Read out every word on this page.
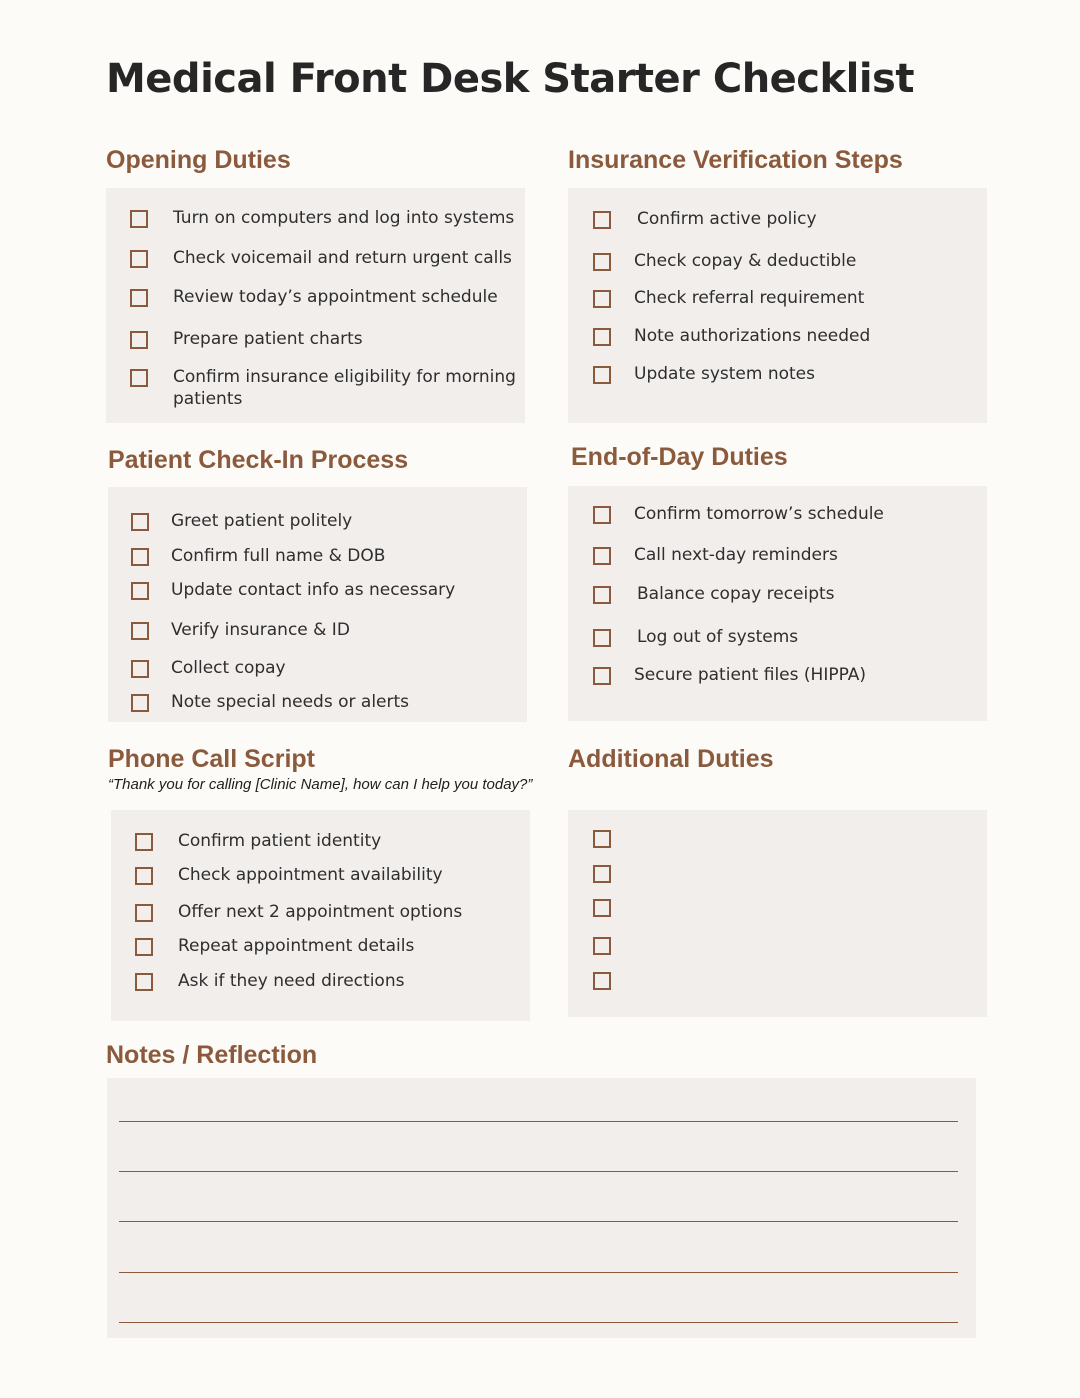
Medical Front Desk Starter Checklist
Opening Duties
Turn on computers and log into systems
Check voicemail and return urgent calls
Review today’s appointment schedule
Prepare patient charts
Confirm insurance eligibility for morning patients
Insurance Verification Steps
Confirm active policy
Check copay & deductible
Check referral requirement
Note authorizations needed
Update system notes
Patient Check-In Process
Greet patient politely
Confirm full name & DOB
Update contact info as necessary
Verify insurance & ID
Collect copay
Note special needs or alerts
End-of-Day Duties
Confirm tomorrow’s schedule
Call next-day reminders
Balance copay receipts
Log out of systems
Secure patient files (HIPPA)
Phone Call Script

“Thank you for calling [Clinic Name], how can I help you today?”

Confirm patient identity
Check appointment availability
Offer next 2 appointment options
Repeat appointment details
Ask if they need directions
Additional Duties
Notes / Reflection
